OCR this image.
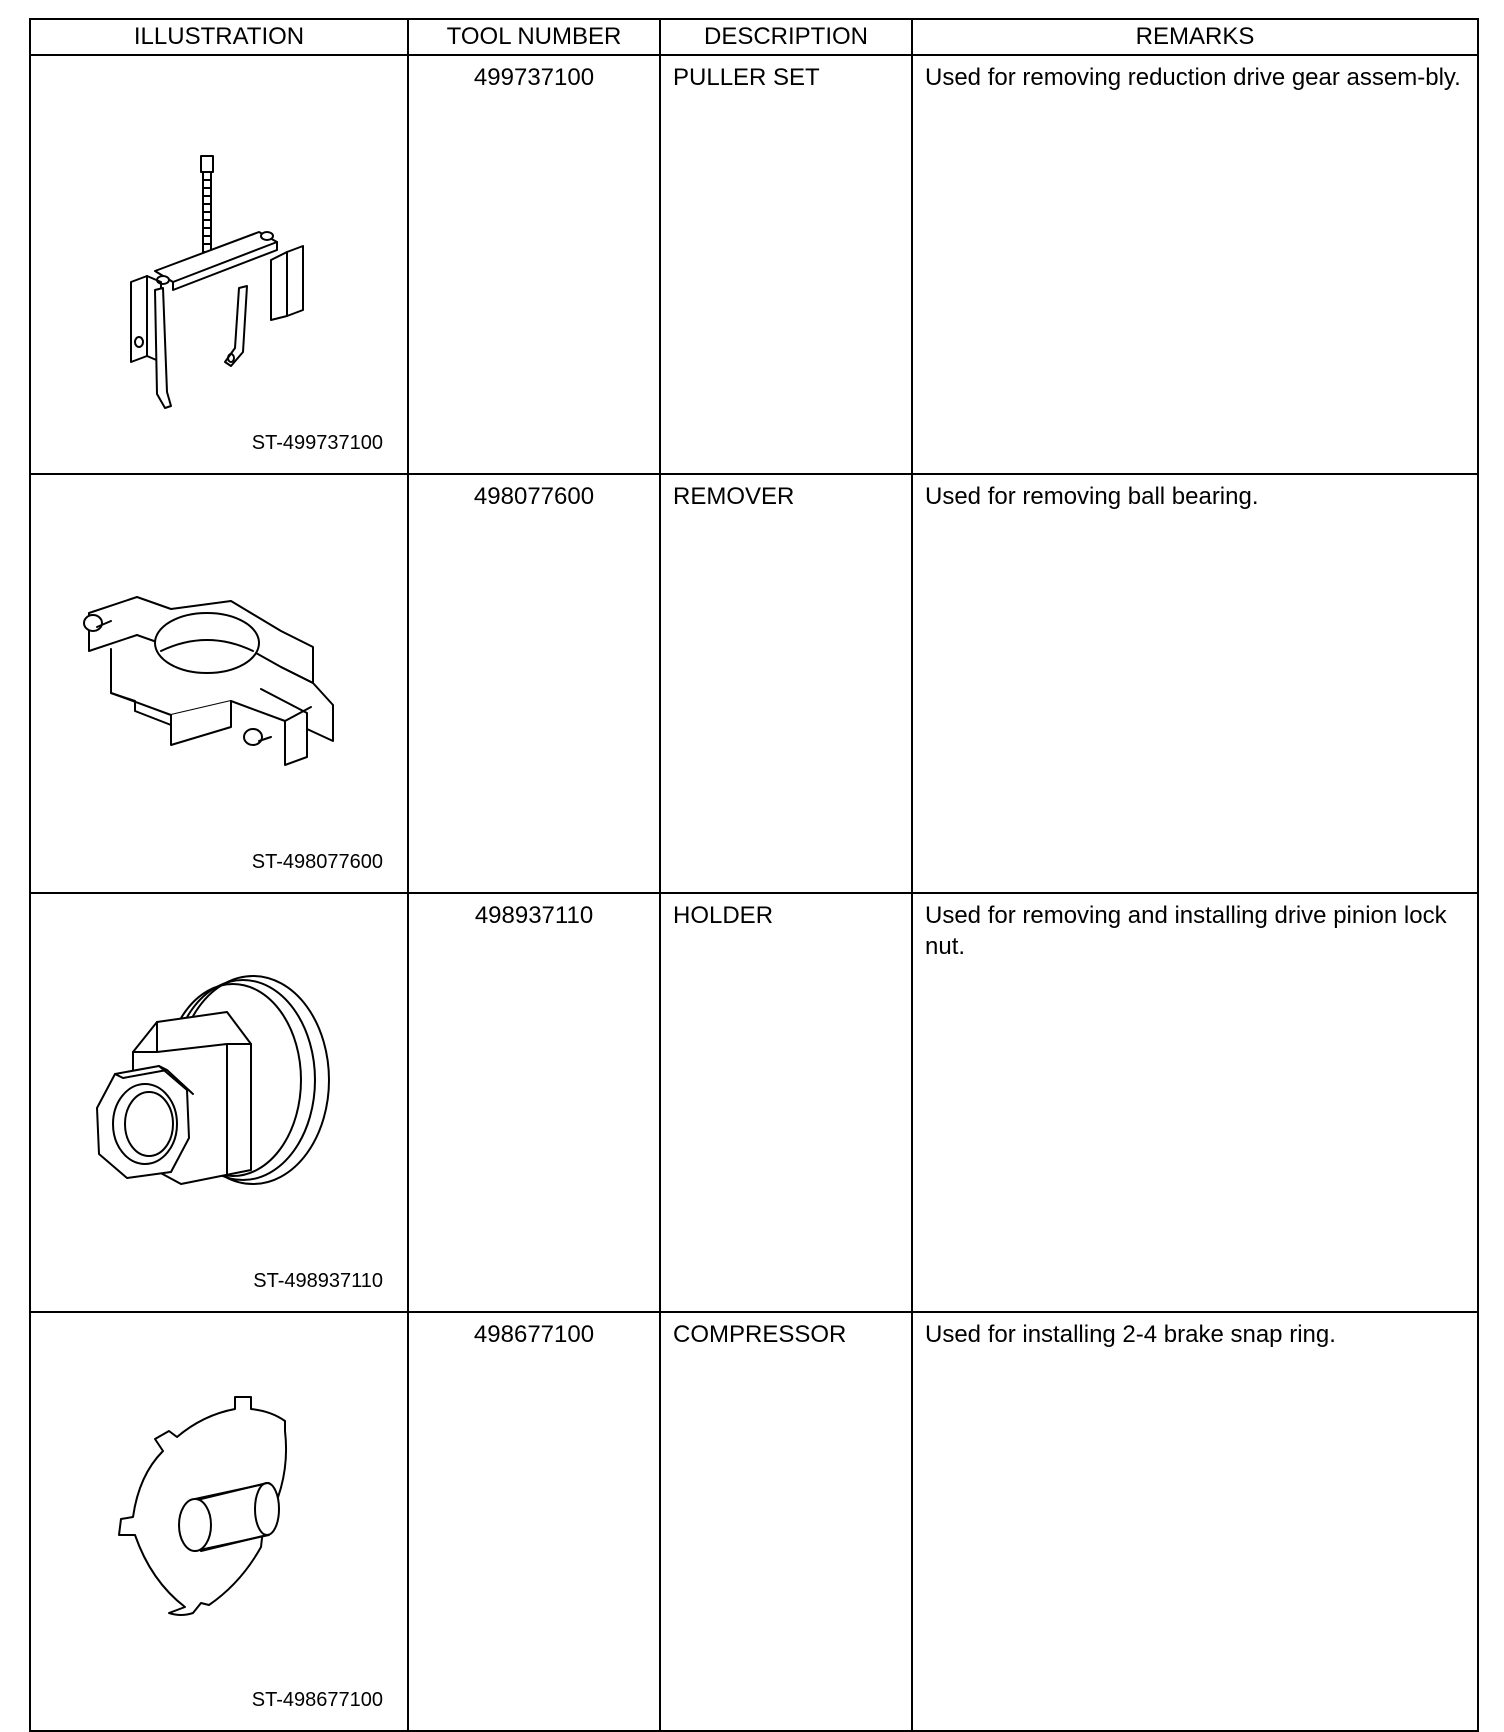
ILLUSTRATION	TOOL NUMBER	DESCRIPTION	REMARKS

ST-499737100	499737100	PULLER SET	Used for removing reduction drive gear assem-bly.

ST-498077600	498077600	REMOVER	Used for removing ball bearing.

ST-498937110	498937110	HOLDER	Used for removing and installing drive pinion lock nut.

ST-498677100	498677100	COMPRESSOR	Used for installing 2-4 brake snap ring.
